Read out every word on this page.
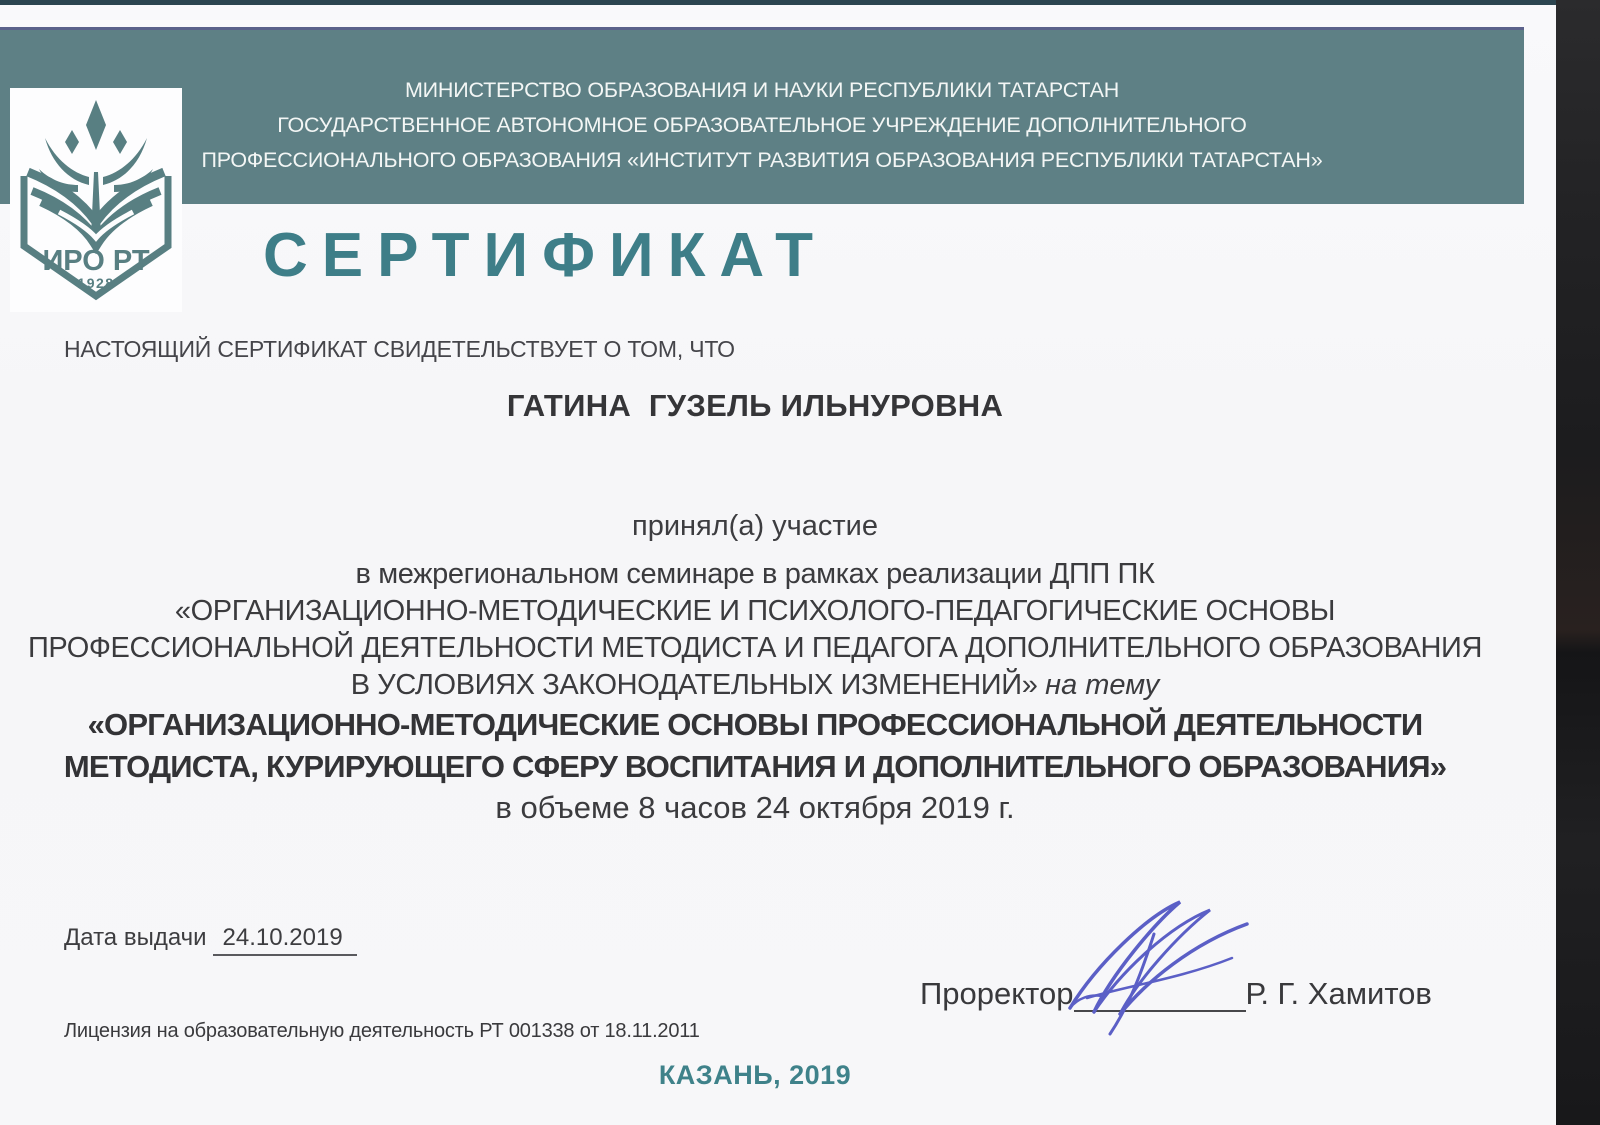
МИНИСТЕРСТВО ОБРАЗОВАНИЯ И НАУКИ РЕСПУБЛИКИ ТАТАРСТАН
ГОСУДАРСТВЕННОЕ АВТОНОМНОЕ ОБРАЗОВАТЕЛЬНОЕ УЧРЕЖДЕНИЕ ДОПОЛНИТЕЛЬНОГО
ПРОФЕССИОНАЛЬНОГО ОБРАЗОВАНИЯ «ИНСТИТУТ РАЗВИТИЯ ОБРАЗОВАНИЯ РЕСПУБЛИКИ ТАТАРСТАН»
ИРО РТ
1928 СЕРТИФИКАТ
НАСТОЯЩИЙ СЕРТИФИКАТ СВИДЕТЕЛЬСТВУЕТ О ТОМ, ЧТО
ГАТИНА  ГУЗЕЛЬ ИЛЬНУРОВНА
принял(а) участие
в межрегиональном семинаре в рамках реализации ДПП ПК
«ОРГАНИЗАЦИОННО-МЕТОДИЧЕСКИЕ И ПСИХОЛОГО-ПЕДАГОГИЧЕСКИЕ ОСНОВЫ
ПРОФЕССИОНАЛЬНОЙ ДЕЯТЕЛЬНОСТИ МЕТОДИСТА И ПЕДАГОГА ДОПОЛНИТЕЛЬНОГО ОБРАЗОВАНИЯ
В УСЛОВИЯХ ЗАКОНОДАТЕЛЬНЫХ ИЗМЕНЕНИЙ» на тему
«ОРГАНИЗАЦИОННО-МЕТОДИЧЕСКИЕ ОСНОВЫ ПРОФЕССИОНАЛЬНОЙ ДЕЯТЕЛЬНОСТИ
МЕТОДИСТА, КУРИРУЮЩЕГО СФЕРУ ВОСПИТАНИЯ И ДОПОЛНИТЕЛЬНОГО ОБРАЗОВАНИЯ»
в объеме 8 часов 24 октября 2019 г.
КАЗАНЬ, 2019
Дата выдачи 24.10.2019
Проректор	Р. Г. Хамитов
Лицензия на образовательную деятельность РТ 001338 от 18.11.2011
